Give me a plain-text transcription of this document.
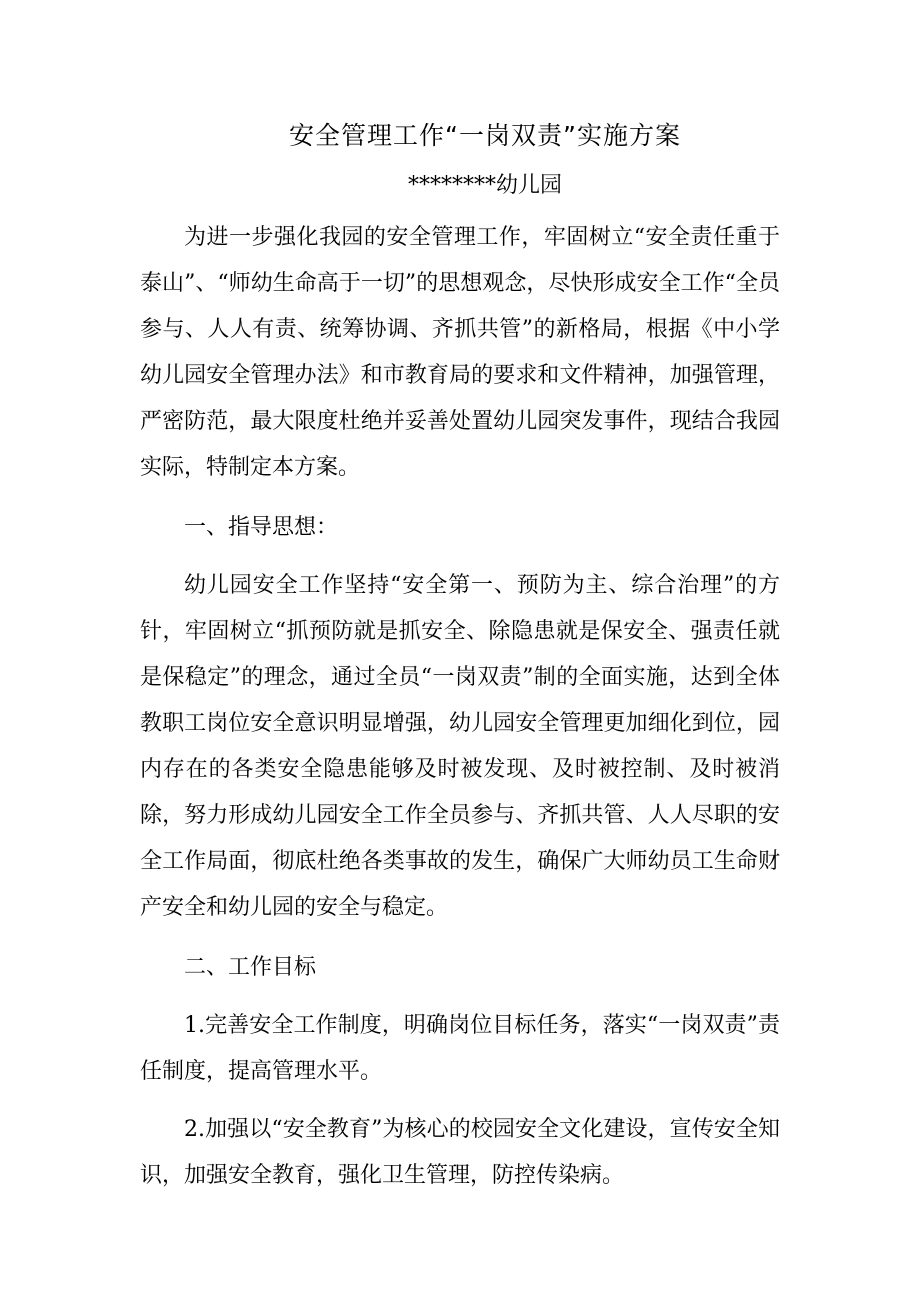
安全管理工作“一岗双责”实施方案
********幼儿园

为进一步强化我园的安全管理工作，牢固树立“安全责任重于泰山”、“师幼生命高于一切”的思想观念，尽快形成安全工作“全员参与、人人有责、统筹协调、齐抓共管”的新格局，根据《中小学幼儿园安全管理办法》和市教育局的要求和文件精神，加强管理，严密防范，最大限度杜绝并妥善处置幼儿园突发事件，现结合我园实际，特制定本方案。

一、指导思想：

幼儿园安全工作坚持“安全第一、预防为主、综合治理”的方针，牢固树立“抓预防就是抓安全、除隐患就是保安全、强责任就是保稳定”的理念，通过全员“一岗双责”制的全面实施，达到全体教职工岗位安全意识明显增强，幼儿园安全管理更加细化到位，园内存在的各类安全隐患能够及时被发现、及时被控制、及时被消除，努力形成幼儿园安全工作全员参与、齐抓共管、人人尽职的安全工作局面，彻底杜绝各类事故的发生，确保广大师幼员工生命财产安全和幼儿园的安全与稳定。

二、工作目标

1.完善安全工作制度，明确岗位目标任务，落实“一岗双责”责任制度，提高管理水平。

2.加强以“安全教育”为核心的校园安全文化建设，宣传安全知识，加强安全教育，强化卫生管理，防控传染病。
